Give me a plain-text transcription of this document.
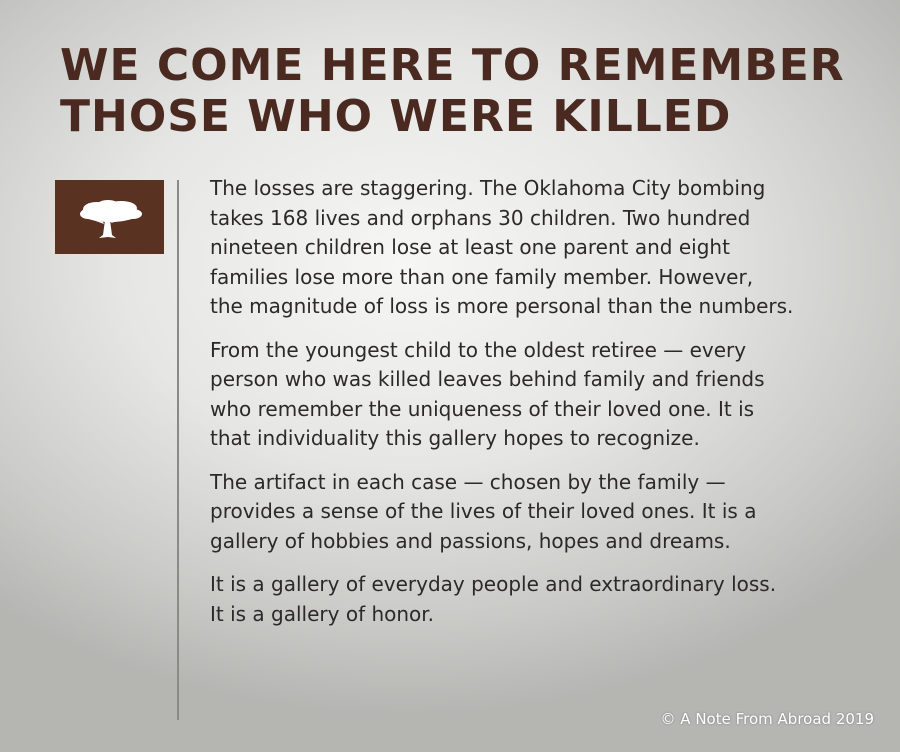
WE COME HERE TO REMEMBER
THOSE WHO WERE KILLED

The losses are staggering. The Oklahoma City bombing
takes 168 lives and orphans 30 children. Two hundred
nineteen children lose at least one parent and eight
families lose more than one family member. However,
the magnitude of loss is more personal than the numbers.

From the youngest child to the oldest retiree — every
person who was killed leaves behind family and friends
who remember the uniqueness of their loved one. It is
that individuality this gallery hopes to recognize.

The artifact in each case — chosen by the family —
provides a sense of the lives of their loved ones. It is a
gallery of hobbies and passions, hopes and dreams.

It is a gallery of everyday people and extraordinary loss.
It is a gallery of honor.

© A Note From Abroad 2019
